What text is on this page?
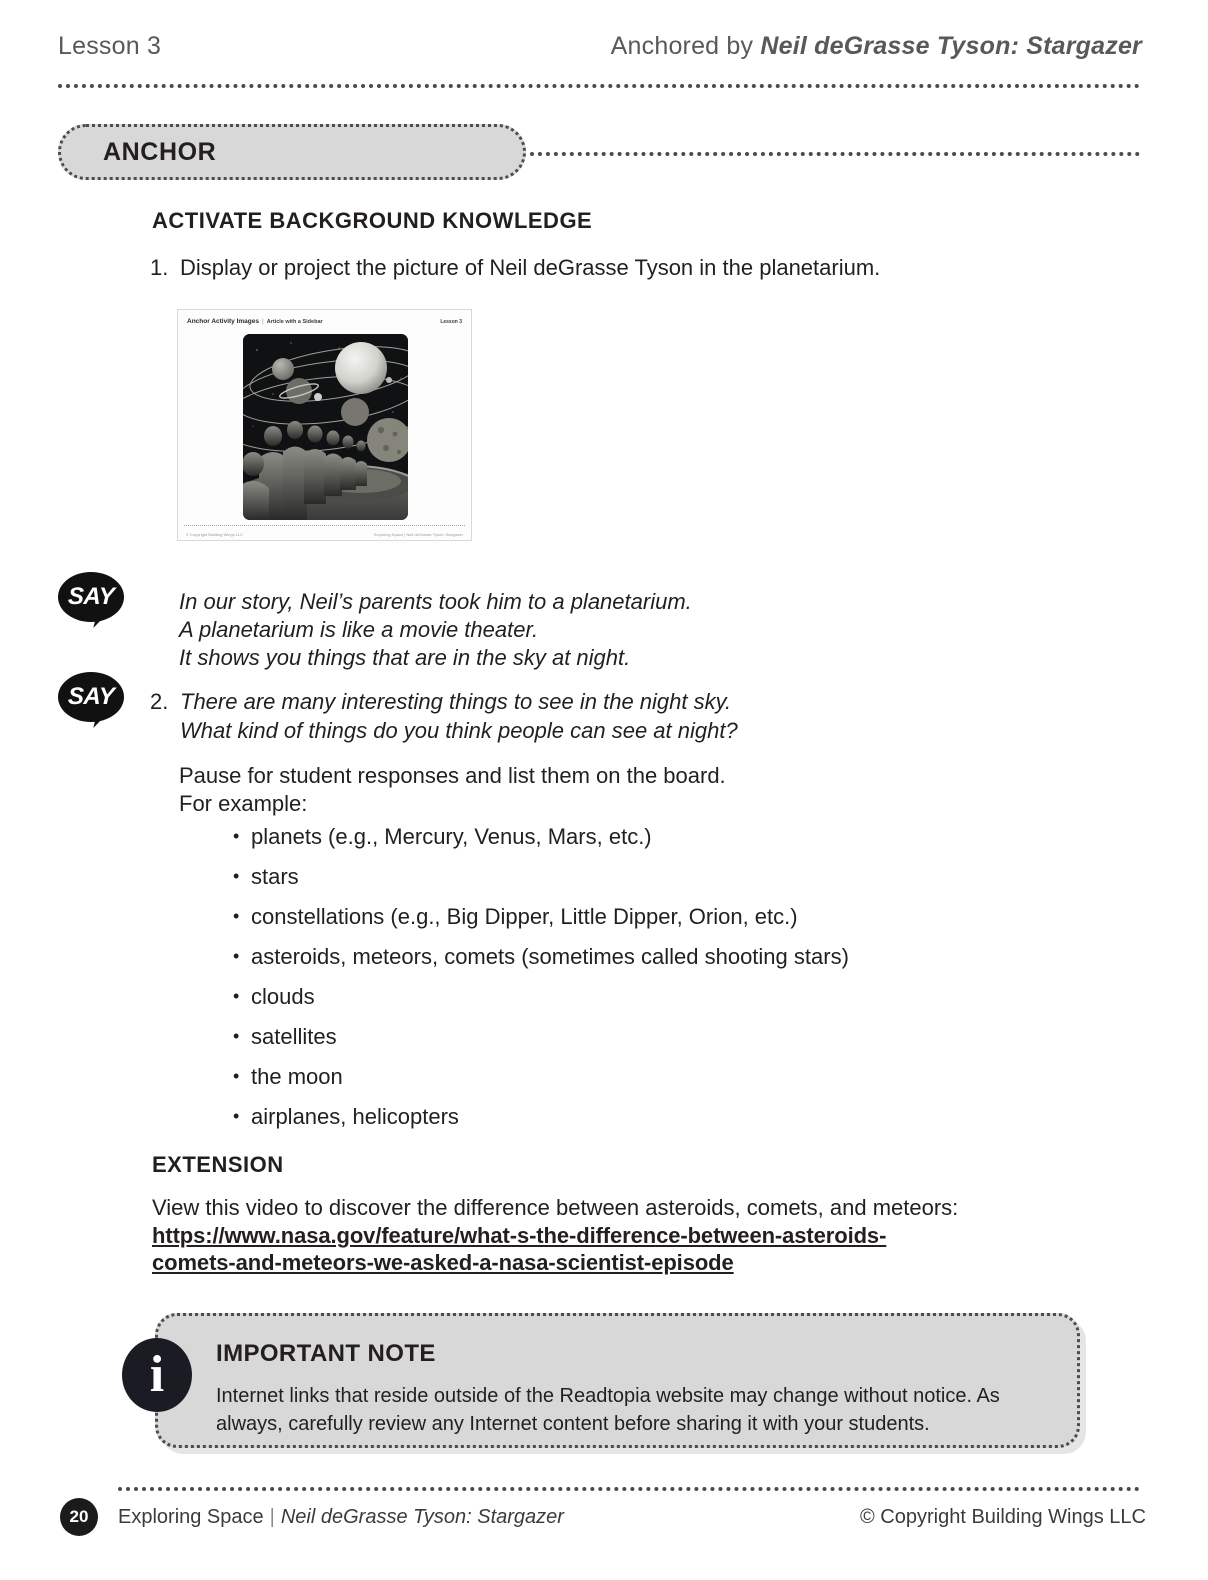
Lesson 3	Anchored by Neil deGrasse Tyson: Stargazer
ANCHOR
ACTIVATE BACKGROUND KNOWLEDGE
1. Display or project the picture of Neil deGrasse Tyson in the planetarium.
Anchor Activity Images | Article with a Sidebar	Lesson 3
© Copyright Building Wings LLC	Exploring Space | Neil deGrasse Tyson: Stargazer
SAY	In our story, Neil’s parents took him to a planetarium.
A planetarium is like a movie theater.
It shows you things that are in the sky at night.
SAY 2. There are many interesting things to see in the night sky.
What kind of things do you think people can see at night?
Pause for student responses and list them on the board.
For example:
• planets (e.g., Mercury, Venus, Mars, etc.)
• stars
• constellations (e.g., Big Dipper, Little Dipper, Orion, etc.)
• asteroids, meteors, comets (sometimes called shooting stars)
• clouds
• satellites
• the moon
• airplanes, helicopters
EXTENSION
View this video to discover the difference between asteroids, comets, and meteors:
https://www.nasa.gov/feature/what-s-the-difference-between-asteroids-comets-and-meteors-we-asked-a-nasa-scientist-episode
i IMPORTANT NOTE
Internet links that reside outside of the Readtopia website may change without notice. As always, carefully review any Internet content before sharing it with your students.
20	Exploring Space | Neil deGrasse Tyson: Stargazer	© Copyright Building Wings LLC
